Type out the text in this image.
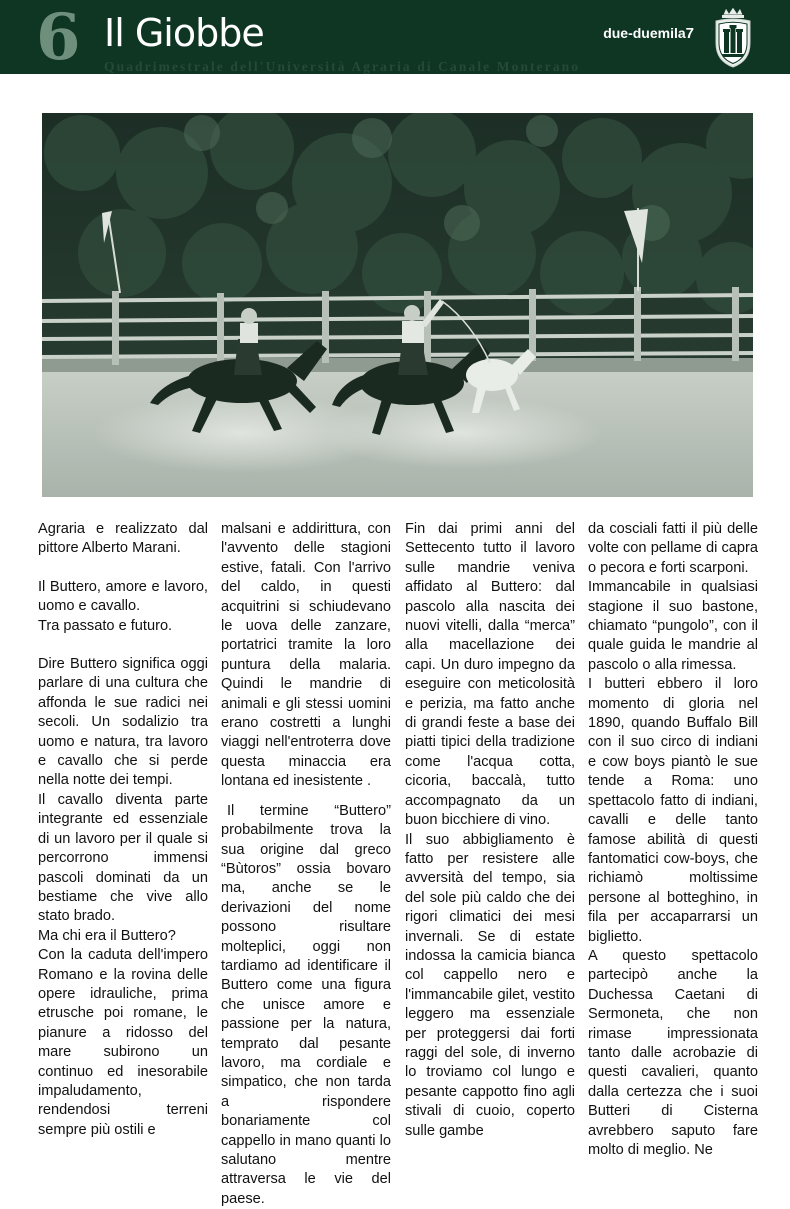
6 Il Giobbe
Quadrimestrale dell'Università Agraria di Canale Monterano
due-duemila7

Agraria e realizzato dal pittore Alberto Marani.

Il Buttero, amore e lavoro, uomo e cavallo.

Tra passato e futuro.

Dire Buttero significa oggi parlare di una cultura che affonda le sue radici nei secoli. Un sodalizio tra uomo e natura, tra lavoro e cavallo che si perde nella notte dei tempi.

Il cavallo diventa parte integrante ed essenziale di un lavoro per il quale si percorrono immensi pascoli dominati da un bestiame che vive allo stato brado.

Ma chi era il Buttero?

Con la caduta dell'impero Romano e la rovina delle opere idrauliche, prima etrusche poi romane, le pianure a ridosso del mare subirono un continuo ed inesorabile impaludamento, rendendosi terreni sempre più ostili e

malsani e addirittura, con l'avvento delle stagioni estive, fatali. Con l'arrivo del caldo, in questi acquitrini si schiudevano le uova delle zanzare, portatrici tramite la loro puntura della malaria. Quindi le mandrie di animali e gli stessi uomini erano costretti a lunghi viaggi nell'entroterra dove questa minaccia era lontana ed inesistente .

Il termine “Buttero” probabilmente trova la sua origine dal greco “Bùtoros” ossia bovaro ma, anche se le derivazioni del nome possono risultare molteplici, oggi non tardiamo ad identificare il Buttero come una figura che unisce amore e passione per la natura, temprato dal pesante lavoro, ma cordiale e simpatico, che non tarda a rispondere bonariamente col cappello in mano quanti lo salutano mentre attraversa le vie del paese.

Fin dai primi anni del Settecento tutto il lavoro sulle mandrie veniva affidato al Buttero: dal pascolo alla nascita dei nuovi vitelli, dalla “merca” alla macellazione dei capi. Un duro impegno da eseguire con meticolosità e perizia, ma fatto anche di grandi feste a base dei piatti tipici della tradizione come l'acqua cotta, cicoria, baccalà, tutto accompagnato da un buon bicchiere di vino.

Il suo abbigliamento è fatto per resistere alle avversità del tempo, sia del sole più caldo che dei rigori climatici dei mesi invernali. Se di estate indossa la camicia bianca col cappello nero e l'immancabile gilet, vestito leggero ma essenziale per proteggersi dai forti raggi del sole, di inverno lo troviamo col lungo e pesante cappotto fino agli stivali di cuoio, coperto sulle gambe

da cosciali fatti il più delle volte con pellame di capra o pecora e forti scarponi.

Immancabile in qualsiasi stagione il suo bastone, chiamato “pungolo”, con il quale guida le mandrie al pascolo o alla rimessa.

I butteri ebbero il loro momento di gloria nel 1890, quando Buffalo Bill con il suo circo di indiani e cow boys piantò le sue tende a Roma: uno spettacolo fatto di indiani, cavalli e delle tanto famose abilità di questi fantomatici cow-boys, che richiamò moltissime persone al botteghino, in fila per accaparrarsi un biglietto.

A questo spettacolo partecipò anche la Duchessa Caetani di Sermoneta, che non rimase impressionata tanto dalle acrobazie di questi cavalieri, quanto dalla certezza che i suoi Butteri di Cisterna avrebbero saputo fare molto di meglio. Ne
